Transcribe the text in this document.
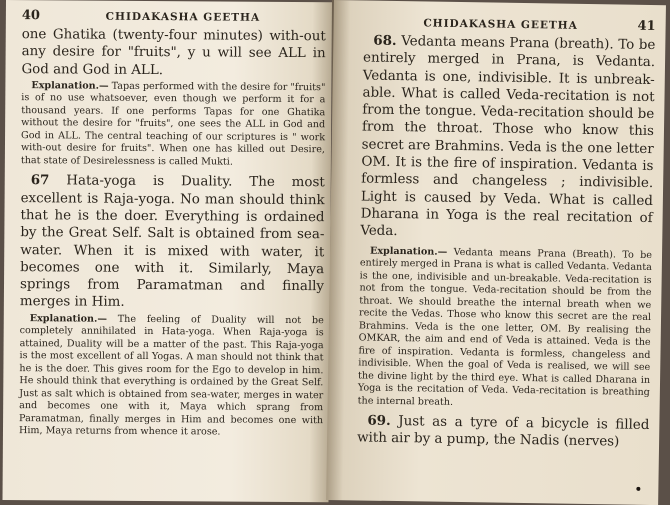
40	CHIDAKASHA GEETHA

one Ghatika (twenty-four minutes) with-out any desire for "fruits", y u will see ALL in God and God in ALL.

Explanation.— Tapas performed with the desire for "fruits" is of no use whatsoever, even though we perform it for a thousand years. If one performs Tapas for one Ghatika without the desire for "fruits", one sees the ALL in God and God in ALL. The central teaching of our scriptures is " work with-out desire for fruits". When one has killed out Desire, that state of Desirelessness is called Mukti.

67 Hata-yoga is Duality. The most excellent is Raja-yoga. No man should think that he is the doer. Everything is ordained by the Great Self. Salt is obtained from sea-water. When it is mixed with water, it becomes one with it. Similarly, Maya springs from Paramatman and finally merges in Him.

Explanation.— The feeling of Duality will not be completely annihilated in Hata-yoga. When Raja-yoga is attained, Duality will be a matter of the past. This Raja-yoga is the most excellent of all Yogas. A man should not think that he is the doer. This gives room for the Ego to develop in him. He should think that everything is ordained by the Great Self. Just as salt which is obtained from sea-water, merges in water and becomes one with it, Maya which sprang from Paramatman, finally merges in Him and becomes one with Him, Maya returns from whence it arose.

CHIDAKASHA GEETHA	41

68. Vedanta means Prana (breath). To be entirely merged in Prana, is Vedanta. Vedanta is one, indivisible. It is unbreak-able. What is called Veda-recitation is not from the tongue. Veda-recitation should be from the throat. Those who know this secret are Brahmins. Veda is the one letter OM. It is the fire of inspiration. Vedanta is formless and changeless ; indivisible. Light is caused by Veda. What is called Dharana in Yoga is the real recitation of Veda.

Explanation.— Vedanta means Prana (Breath). To be entirely merged in Prana is what is called Vedanta. Vedanta is the one, indivisible and un-breakable. Veda-recitation is not from the tongue. Veda-recitation should be from the throat. We should breathe the internal breath when we recite the Vedas. Those who know this secret are the real Brahmins. Veda is the one letter, OM. By realising the OMKAR, the aim and end of Veda is attained. Veda is the fire of inspiration. Vedanta is formless, changeless and indivisible. When the goal of Veda is realised, we will see the divine light by the third eye. What is called Dharana in Yoga is the recitation of Veda. Veda-recitation is breathing the internal breath.

69. Just as a tyre of a bicycle is filled with air by a pump, the Nadis (nerves)
